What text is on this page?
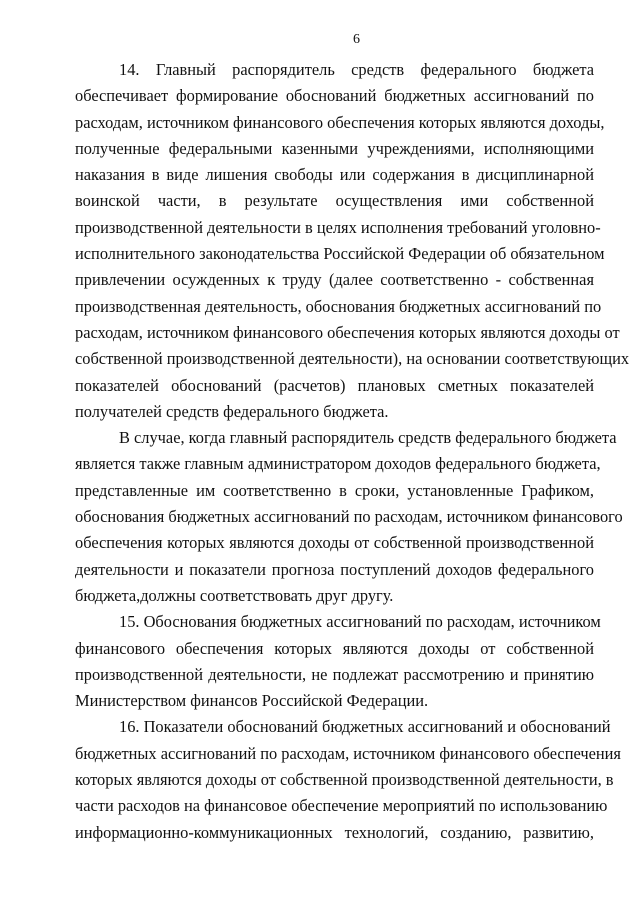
6
14. Главный распорядитель средств федерального бюджета
обеспечивает формирование обоснований бюджетных ассигнований по
расходам, источником финансового обеспечения которых являются доходы,
полученные федеральными казенными учреждениями, исполняющими
наказания в виде лишения свободы или содержания в дисциплинарной
воинской части, в результате осуществления ими собственной
производственной деятельности в целях исполнения требований уголовно-
исполнительного законодательства Российской Федерации об обязательном
привлечении осужденных к труду (далее соответственно - собственная
производственная деятельность, обоснования бюджетных ассигнований по
расходам, источником финансового обеспечения которых являются доходы от
собственной производственной деятельности), на основании соответствующих
показателей обоснований (расчетов) плановых сметных показателей
получателей средств федерального бюджета.
В случае, когда главный распорядитель средств федерального бюджета
является также главным администратором доходов федерального бюджета,
представленные им соответственно в сроки, установленные Графиком,
обоснования бюджетных ассигнований по расходам, источником финансового
обеспечения которых являются доходы от собственной производственной
деятельности и показатели прогноза поступлений доходов федерального
бюджета,должны соответствовать друг другу.
15. Обоснования бюджетных ассигнований по расходам, источником
финансового обеспечения которых являются доходы от собственной
производственной деятельности, не подлежат рассмотрению и принятию
Министерством финансов Российской Федерации.
16. Показатели обоснований бюджетных ассигнований и обоснований
бюджетных ассигнований по расходам, источником финансового обеспечения
которых являются доходы от собственной производственной деятельности, в
части расходов на финансовое обеспечение мероприятий по использованию
информационно-коммуникационных технологий, созданию, развитию,
